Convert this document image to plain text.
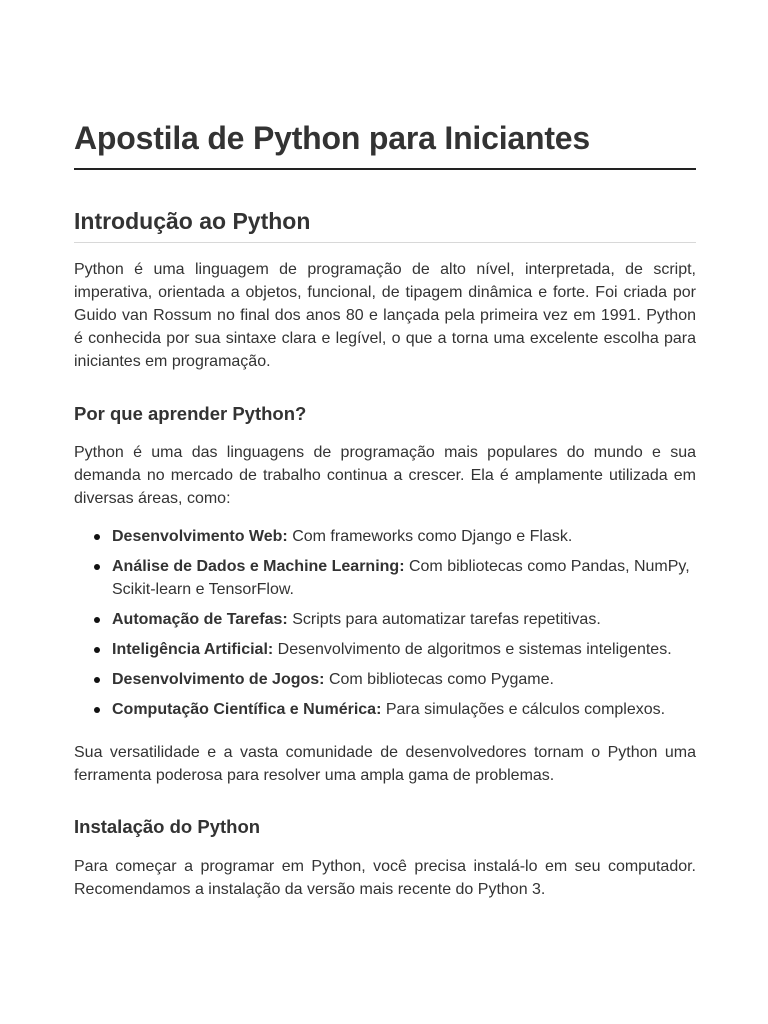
Apostila de Python para Iniciantes
Introdução ao Python

Python é uma linguagem de programação de alto nível, interpretada, de script, imperativa, orientada a objetos, funcional, de tipagem dinâmica e forte. Foi criada por Guido van Rossum no final dos anos 80 e lançada pela primeira vez em 1991. Python é conhecida por sua sintaxe clara e legível, o que a torna uma excelente escolha para iniciantes em programação.

Por que aprender Python?

Python é uma das linguagens de programação mais populares do mundo e sua demanda no mercado de trabalho continua a crescer. Ela é amplamente utilizada em diversas áreas, como:

Desenvolvimento Web: Com frameworks como Django e Flask.
Análise de Dados e Machine Learning: Com bibliotecas como Pandas, NumPy, Scikit-learn e TensorFlow.
Automação de Tarefas: Scripts para automatizar tarefas repetitivas.
Inteligência Artificial: Desenvolvimento de algoritmos e sistemas inteligentes.
Desenvolvimento de Jogos: Com bibliotecas como Pygame.
Computação Científica e Numérica: Para simulações e cálculos complexos.

Sua versatilidade e a vasta comunidade de desenvolvedores tornam o Python uma ferramenta poderosa para resolver uma ampla gama de problemas.

Instalação do Python

Para começar a programar em Python, você precisa instalá-lo em seu computador. Recomendamos a instalação da versão mais recente do Python 3.
